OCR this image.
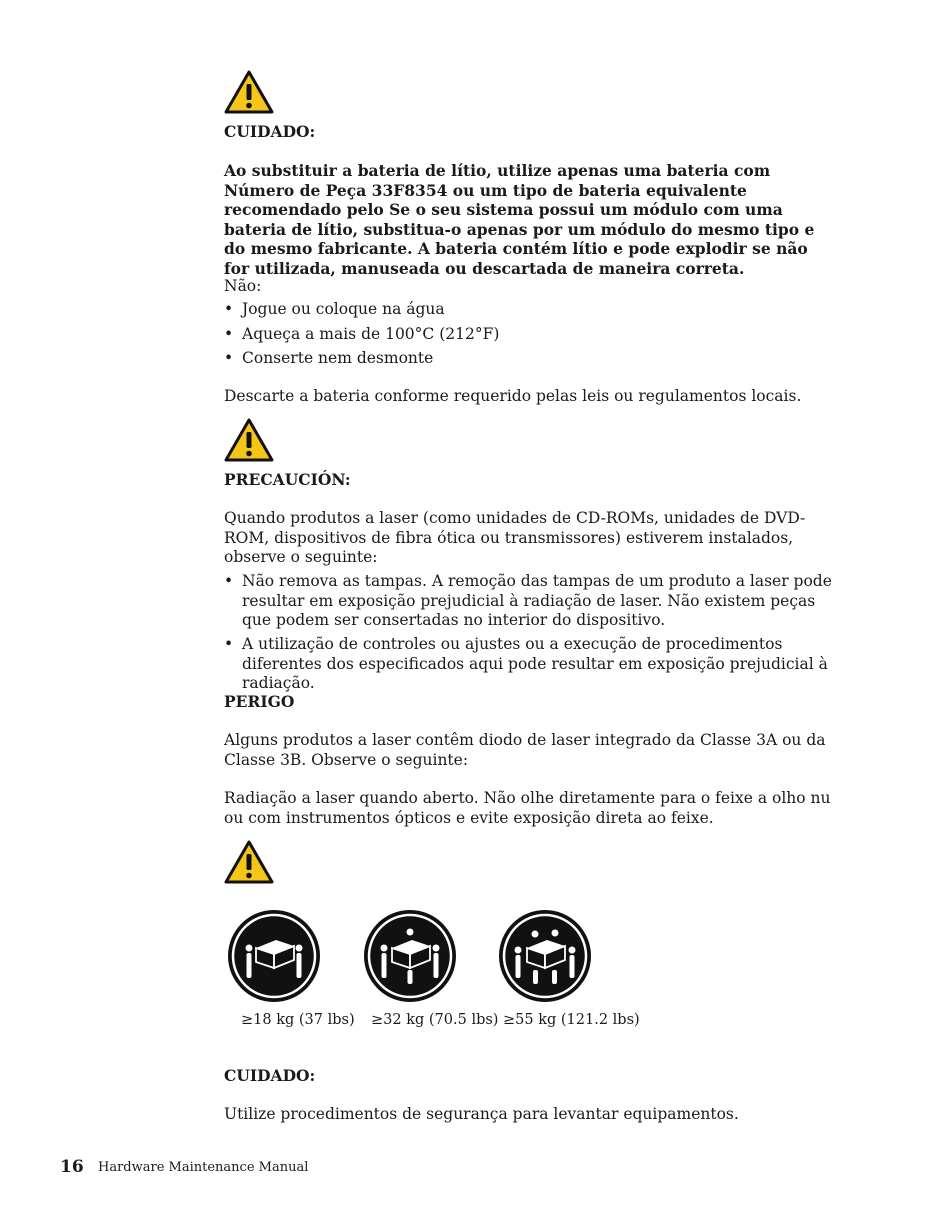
CUIDADO:

Ao substituir a bateria de lítio, utilize apenas uma bateria com Número de Peça 33F8354 ou um tipo de bateria equivalente recomendado pelo Se o seu sistema possui um módulo com uma bateria de lítio, substitua-o apenas por um módulo do mesmo tipo e do mesmo fabricante. A bateria contém lítio e pode explodir se não for utilizada, manuseada ou descartada de maneira correta.

Não:

• Jogue ou coloque na água
• Aqueça a mais de 100°C (212°F)
• Conserte nem desmonte

Descarte a bateria conforme requerido pelas leis ou regulamentos locais.

PRECAUCIÓN:

Quando produtos a laser (como unidades de CD-ROMs, unidades de DVD-ROM, dispositivos de fibra ótica ou transmissores) estiverem instalados, observe o seguinte:

• Não remova as tampas. A remoção das tampas de um produto a laser pode resultar em exposição prejudicial à radiação de laser. Não existem peças que podem ser consertadas no interior do dispositivo.
• A utilização de controles ou ajustes ou a execução de procedimentos diferentes dos especificados aqui pode resultar em exposição prejudicial à radiação.

PERIGO

Alguns produtos a laser contêm diodo de laser integrado da Classe 3A ou da Classe 3B. Observe o seguinte:

Radiação a laser quando aberto. Não olhe diretamente para o feixe a olho nu ou com instrumentos ópticos e evite exposição direta ao feixe.

≥18 kg (37 lbs) ≥32 kg (70.5 lbs) ≥55 kg (121.2 lbs)

CUIDADO:

Utilize procedimentos de segurança para levantar equipamentos.

16 Hardware Maintenance Manual
